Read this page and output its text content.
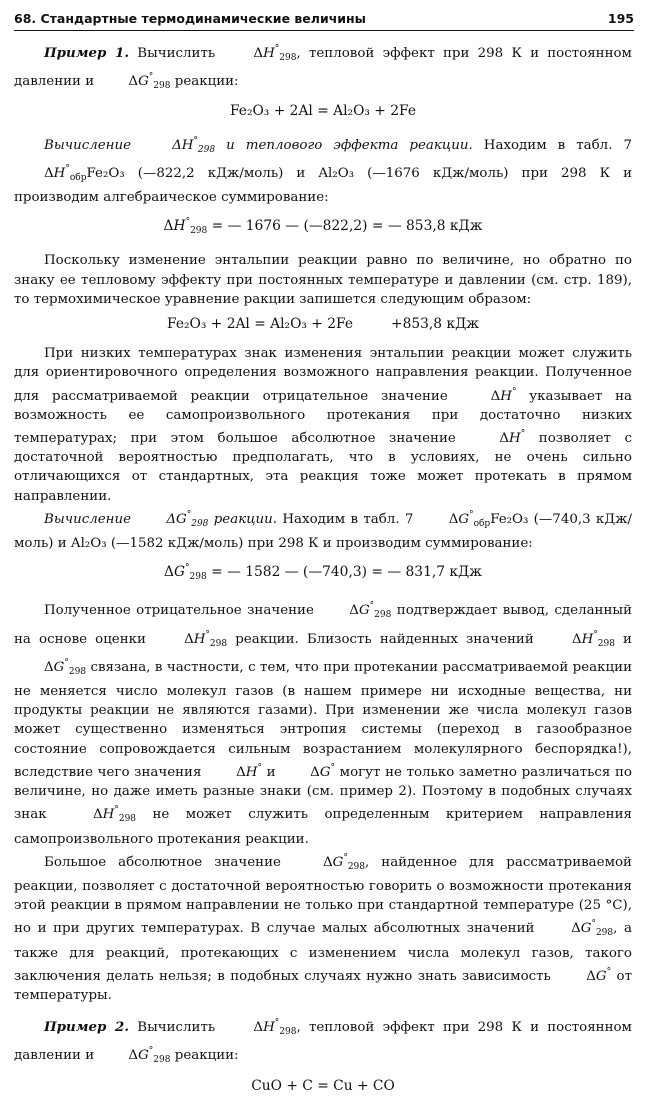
68. Стандартные термодинамические величины	195

Пример 1. Вычислить	$\Delta H^\circ_{298}$, тепловой эффект при 298 К и постоянном давлении и	$\Delta G^\circ_{298}$ реакции:

Fe₂O₃ + 2Al = Al₂O₃ + 2Fe

Вычисление	$\Delta H^\circ_{298}$ и теплового эффекта реакции. Находим в табл. 7 $\Delta H^\circ_{обр}Fe_2O_3$ (—822,2 кДж/моль) и Al₂O₃ (—1676 кДж/моль) при 298 К и производим алгебраическое суммирование:

$\Delta H^\circ_{298}$ = — 1676 — (—822,2) = — 853,8 кДж

Поскольку изменение энтальпии реакции равно по величине, но обратно по знаку ее тепловому эффекту при постоянных температуре и давлении (см. стр. 189), то термохимическое уравнение ракции запишется следующим образом:

Fe₂O₃ + 2Al = Al₂O₃ + 2Fe	+853,8 кДж

При низких температурах знак изменения энтальпии реакции может служить для ориентировочного определения возможного направления реакции. Полученное для рассматриваемой реакции отрицательное значение	ΔH° указывает на возможность ее самопроизвольного протекания при достаточно низких температурах; при этом большое абсолютное значение	ΔH° позволяет с достаточной вероятностью предполагать, что в условиях, не очень сильно отличающихся от стандартных, эта реакция тоже может протекать в прямом направлении.

Вычисление	$\Delta G^\circ_{298}$ реакции. Находим в табл. 7	$\Delta G^\circ_{обр}Fe_2O_3$ (—740,3 кДж/моль) и Al₂O₃ (—1582 кДж/моль) при 298 К и производим суммирование:

$\Delta G^\circ_{298}$ = — 1582 — (—740,3) = — 831,7 кДж

Полученное отрицательное значение	$\Delta G^\circ_{298}$ подтверждает вывод, сделанный на основе оценки	$\Delta H^\circ_{298}$ реакции. Близость найденных значений	$\Delta H^\circ_{298}$ и $\Delta G^\circ_{298}$ связана, в частности, с тем, что при протекании рассматриваемой реакции не меняется число молекул газов (в нашем примере ни исходные вещества, ни продукты реакции не являются газами). При изменении же числа молекул газов может существенно изменяться энтропия системы (переход в газообразное состояние сопровождается сильным возрастанием молекулярного беспорядка!), вследствие чего значения	ΔH° и	ΔG° могут не только заметно различаться по величине, но даже иметь разные знаки (см. пример 2). Поэтому в подобных случаях знак	$\Delta H^\circ_{298}$ не может служить определенным критерием направления самопроизвольного протекания реакции.

Большое абсолютное значение	$\Delta G^\circ_{298}$, найденное для рассматриваемой реакции, позволяет с достаточной вероятностью говорить о возможности протекания этой реакции в прямом направлении не только при стандартной температуре (25 °C), но и при других температурах. В случае малых абсолютных значений	$\Delta G^\circ_{298}$, а также для реакций, протекающих с изменением числа молекул газов, такого заключения делать нельзя; в подобных случаях нужно знать зависимость	ΔG° от температуры.

Пример 2. Вычислить	$\Delta H^\circ_{298}$, тепловой эффект при 298 К и постоянном давлении и	$\Delta G^\circ_{298}$ реакции:

CuO + C = Cu + CO
